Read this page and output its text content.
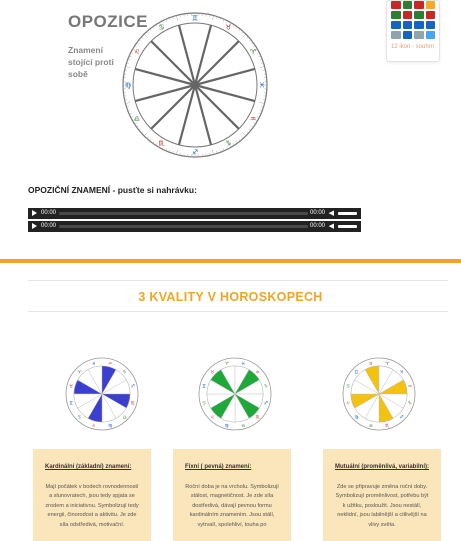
OPOZICE
Znamení stojící proti sobě
♉
♈
♓
♒
♑
♐
♏
♎
♍
♌
♋
♊
12 ikon - souhrn
OPOZIČNÍ ZNAMENÍ - pusťte si nahrávku:
00:00	00:00 ◀
00:00	00:00 ◀
3 KVALITY V HOROSKOPECH
♉
♈
♓	♒
♑
♐
♏
♎
♍
♌
♋
♊
♉
♈	♓
♒
♑
♐
♏
♎
♍
♌
♋
♊
♉	♈
♓
♒
♑
♐
♏
♎
♍
♌
♋
♊
Kardinální (základní) znamení:
Mají počátek v bodech rovnodenností a slunovratech, jsou tedy spjata se zrodem a iniciativou. Symbolizují tedy energii, činorodost a aktivitu. Je zde síla odstředivá, motivační.
Fixní ( pevná) znamení:
Roční doba je na vrcholu. Symbolizují stálost, magnetičnost. Je zde síla dostředivá, dávají pevnou formu kardinálním znamením. Jsou stálí, vytrvalí, spolehliví, touha po
Mutuální (proměnlivá, variabilní):
Zde se připravuje změna roční doby. Symbolizují proměnlivost, potřebu být k užitku, posloužit. Jsou nestálí, neklidní, jsou labilnější a citlivější na vlivy světa.
